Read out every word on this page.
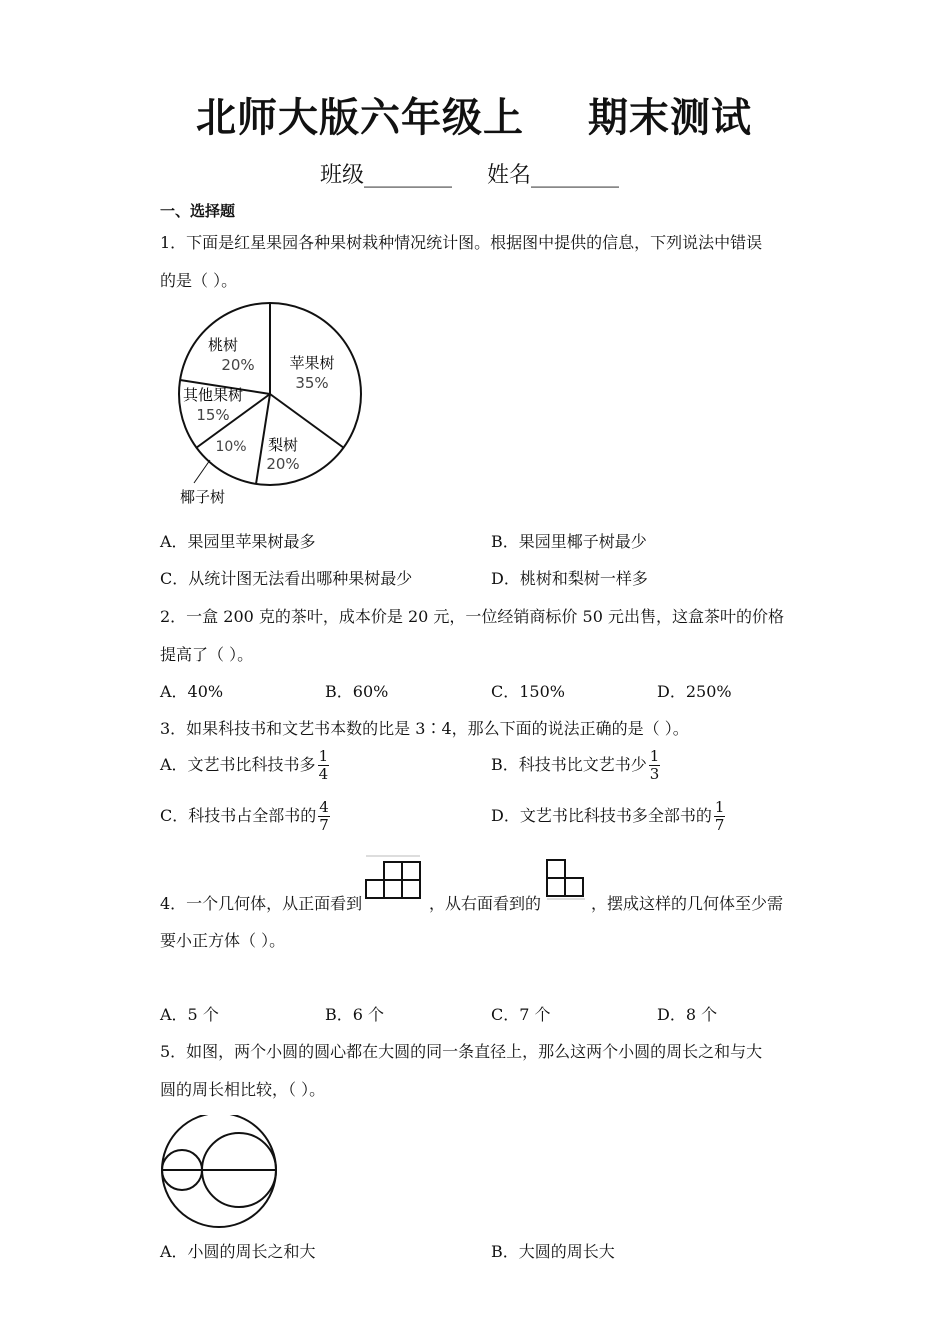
北师大版六年级上 期末测试
班级________ 姓名________
一、选择题
1．下面是红星果园各种果树栽种情况统计图。根据图中提供的信息，下列说法中错误
的是（ ）。
桃树
20% 苹果树
35%
梨树
20%
10%
椰子树
其他果树
15%
A．果园里苹果树最多	B．果园里椰子树最少
C．从统计图无法看出哪种果树最少	D．桃树和梨树一样多
2．一盒 200 克的茶叶，成本价是 20 元，一位经销商标价 50 元出售，这盒茶叶的价格
提高了（ ）。
A．40%	B．60%	C．150%	D．250%
3．如果科技书和文艺书本数的比是 3∶4，那么下面的说法正确的是（ ）。
A．文艺书比科技书多 $\frac{1}{4}$	B．科技书比文艺书少 $\frac{1}{3}$
C．科技书占全部书的 $\frac{4}{7}$	D．文艺书比科技书多全部书的 $\frac{1}{7}$
4．一个几何体，从正面看到	，从右面看到的	，摆成这样的几何体至少需
要小正方体（ ）。
A．5 个	B．6 个	C．7 个	D．8 个
5．如图，两个小圆的圆心都在大圆的同一条直径上，那么这两个小圆的周长之和与大
圆的周长相比较，（ ）。
A．小圆的周长之和大	B．大圆的周长大
